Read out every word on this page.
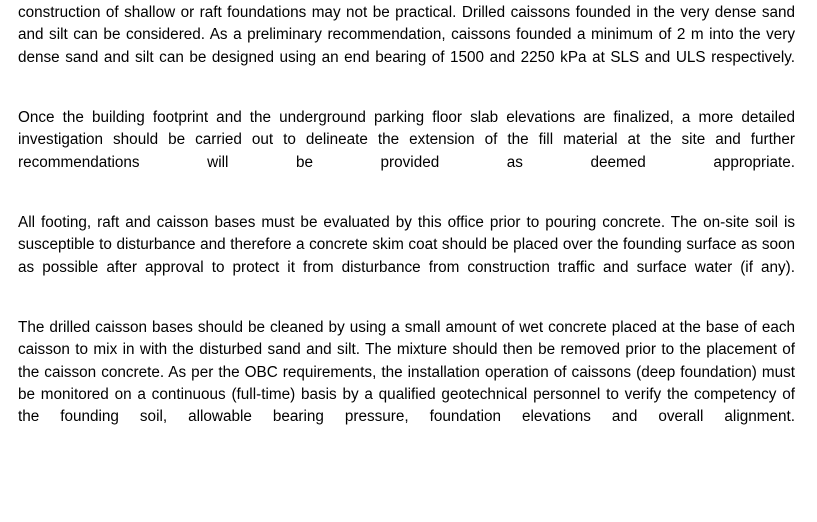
construction of shallow or raft foundations may not be practical. Drilled caissons founded in the very dense sand and silt can be considered. As a preliminary recommendation, caissons founded a minimum of 2 m into the very dense sand and silt can be designed using an end bearing of 1500 and 2250 kPa at SLS and ULS respectively.

Once the building footprint and the underground parking floor slab elevations are finalized, a more detailed investigation should be carried out to delineate the extension of the fill material at the site and further recommendations will be provided as deemed appropriate.

All footing, raft and caisson bases must be evaluated by this office prior to pouring concrete. The on-site soil is susceptible to disturbance and therefore a concrete skim coat should be placed over the founding surface as soon as possible after approval to protect it from disturbance from construction traffic and surface water (if any).

The drilled caisson bases should be cleaned by using a small amount of wet concrete placed at the base of each caisson to mix in with the disturbed sand and silt. The mixture should then be removed prior to the placement of the caisson concrete. As per the OBC requirements, the installation operation of caissons (deep foundation) must be monitored on a continuous (full-time) basis by a qualified geotechnical personnel to verify the competency of the founding soil, allowable bearing pressure, foundation elevations and overall alignment.
